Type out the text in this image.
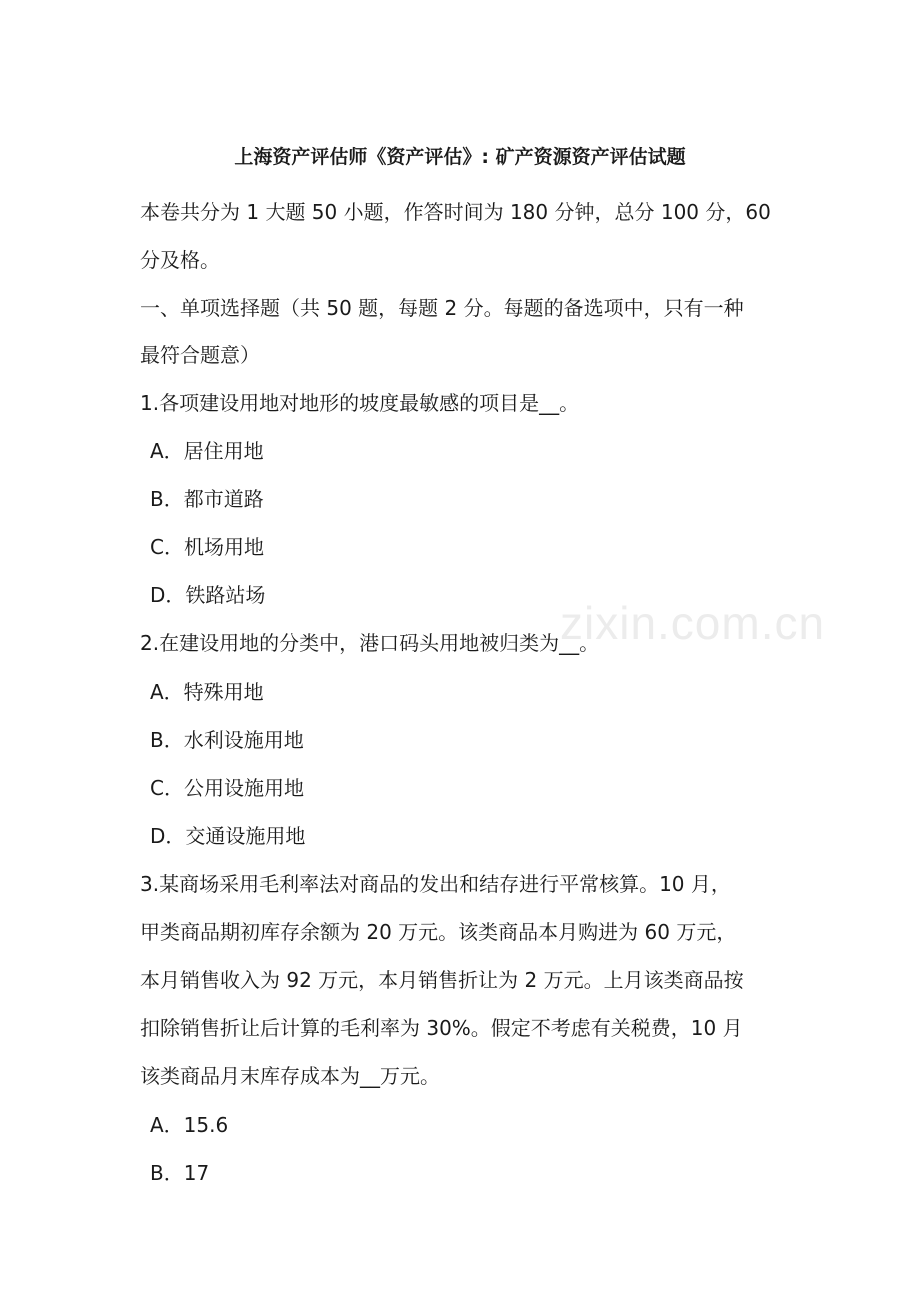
zixin.com.cn
上海资产评估师《资产评估》: 矿产资源资产评估试题
本卷共分为 1 大题 50 小题，作答时间为 180 分钟，总分 100 分，60
分及格。
一、单项选择题（共 50 题，每题 2 分。每题的备选项中，只有一种
最符合题意）
1.各项建设用地对地形的坡度最敏感的项目是__。
A．居住用地
B．都市道路
C．机场用地
D．铁路站场
2.在建设用地的分类中，港口码头用地被归类为__。
A．特殊用地
B．水利设施用地
C．公用设施用地
D．交通设施用地
3.某商场采用毛利率法对商品的发出和结存进行平常核算。10 月，
甲类商品期初库存余额为 20 万元。该类商品本月购进为 60 万元，
本月销售收入为 92 万元，本月销售折让为 2 万元。上月该类商品按
扣除销售折让后计算的毛利率为 30%。假定不考虑有关税费，10 月
该类商品月末库存成本为__万元。
A．15.6
B．17
